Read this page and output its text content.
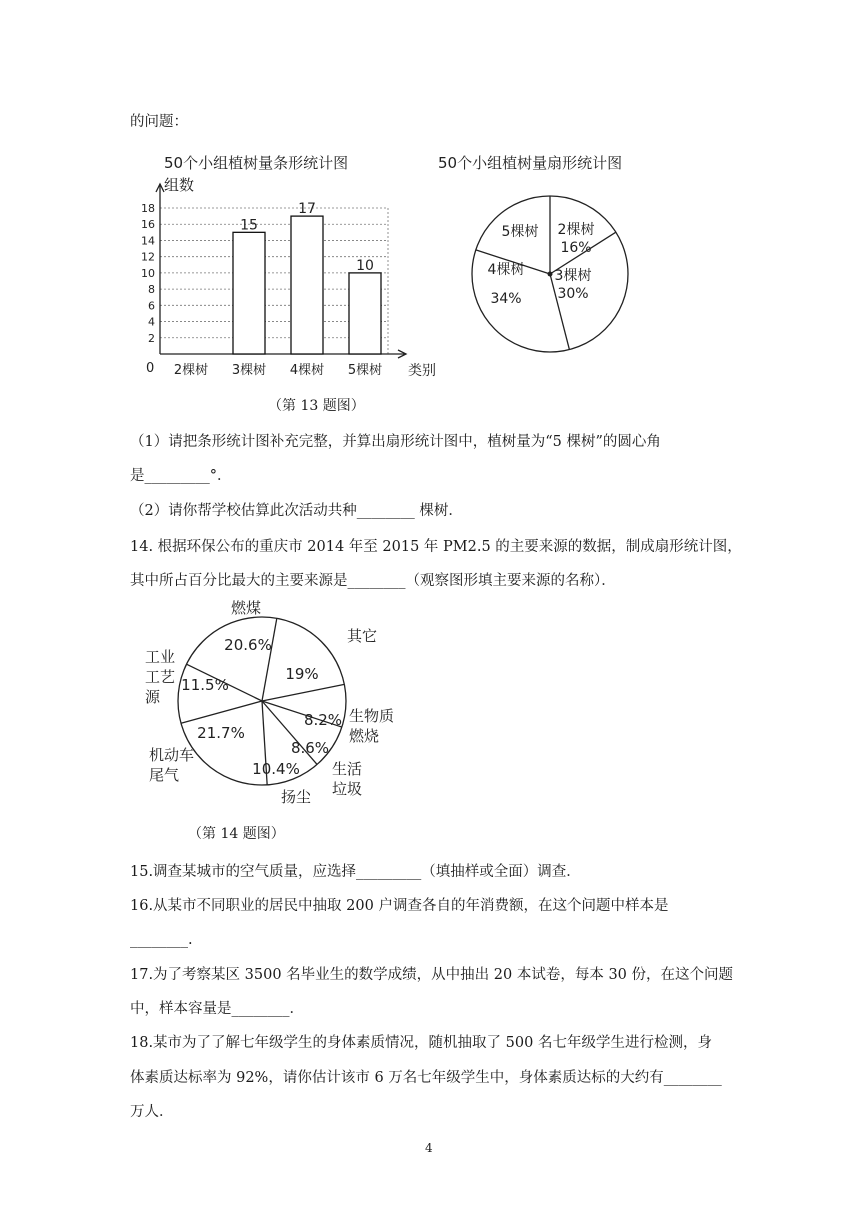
的问题：
50个小组植树量条形统计图
组数
0
2
4
6
8
10
12
14
16
18
15
17
10
2棵树 3棵树 4棵树 5棵树 类别
50个小组植树量扇形统计图
2棵树
16%
3棵树
30%
4棵树
34%
5棵树
（第 13 题图）
（1）请把条形统计图补充完整，并算出扇形统计图中，植树量为“5 棵树”的圆心角
是_________°．
（2）请你帮学校估算此次活动共种________ 棵树．
14. 根据环保公布的重庆市 2014 年至 2015 年 PM2.5 的主要来源的数据，制成扇形统计图，
其中所占百分比最大的主要来源是________（观察图形填主要来源的名称）．
20.6%
19%
8.2%
8.6%
10.4%
21.7%
11.5%
燃煤
其它
生物质
燃烧
生活
垃圾
扬尘
机动车
尾气
工业
工艺
源
（第 14 题图）
15.调查某城市的空气质量，应选择_________（填抽样或全面）调查．
16.从某市不同职业的居民中抽取 200 户调查各自的年消费额，在这个问题中样本是
________.
17.为了考察某区 3500 名毕业生的数学成绩，从中抽出 20 本试卷，每本 30 份，在这个问题
中，样本容量是________．
18.某市为了了解七年级学生的身体素质情况，随机抽取了 500 名七年级学生进行检测，身
体素质达标率为 92%，请你估计该市 6 万名七年级学生中，身体素质达标的大约有________
万人．
4
